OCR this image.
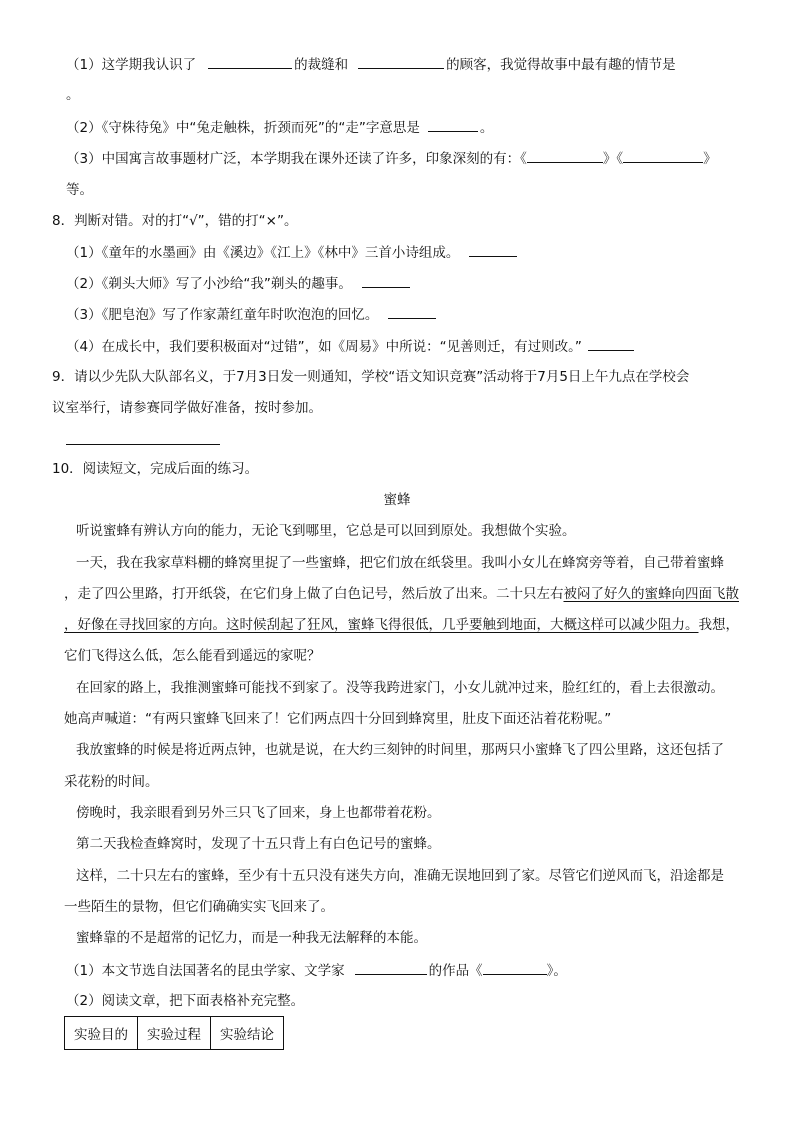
（1）这学期我认识了	的裁缝和	的顾客，我觉得故事中最有趣的情节是
。
（2）《守株待兔》中“兔走触株，折颈而死”的“走”字意思是	。
（3）中国寓言故事题材广泛，本学期我在课外还读了许多，印象深刻的有：《	》《	》
等。
8．判断对错。对的打“√”，错的打“×”。
（1）《童年的水墨画》由《溪边》《江上》《林中》三首小诗组成。
（2）《剃头大师》写了小沙给“我”剃头的趣事。
（3）《肥皂泡》写了作家萧红童年时吹泡泡的回忆。
（4）在成长中，我们要积极面对“过错”，如《周易》中所说：“见善则迁，有过则改。”
9．请以少先队大队部名义，于7月3日发一则通知，学校“语文知识竞赛”活动将于7月5日上午九点在学校会
议室举行，请参赛同学做好准备，按时参加。
10．阅读短文，完成后面的练习。
蜜蜂
听说蜜蜂有辨认方向的能力，无论飞到哪里，它总是可以回到原处。我想做个实验。
一天，我在我家草料棚的蜂窝里捉了一些蜜蜂，把它们放在纸袋里。我叫小女儿在蜂窝旁等着，自己带着蜜蜂
，走了四公里路，打开纸袋，在它们身上做了白色记号，然后放了出来。二十只左右被闷了好久的蜜蜂向四面飞散
，好像在寻找回家的方向。这时候刮起了狂风，蜜蜂飞得很低，几乎要触到地面，大概这样可以减少阻力。我想，
它们飞得这么低，怎么能看到遥远的家呢？
在回家的路上，我推测蜜蜂可能找不到家了。没等我跨进家门，小女儿就冲过来，脸红红的，看上去很激动。
她高声喊道：“有两只蜜蜂飞回来了！它们两点四十分回到蜂窝里，肚皮下面还沾着花粉呢。”
我放蜜蜂的时候是将近两点钟，也就是说，在大约三刻钟的时间里，那两只小蜜蜂飞了四公里路，这还包括了
采花粉的时间。
傍晚时，我亲眼看到另外三只飞了回来，身上也都带着花粉。
第二天我检查蜂窝时，发现了十五只背上有白色记号的蜜蜂。
这样，二十只左右的蜜蜂，至少有十五只没有迷失方向，准确无误地回到了家。尽管它们逆风而飞，沿途都是
一些陌生的景物，但它们确确实实飞回来了。
蜜蜂靠的不是超常的记忆力，而是一种我无法解释的本能。
（1）本文节选自法国著名的昆虫学家、文学家	的作品《	》。
（2）阅读文章，把下面表格补充完整。
实验目的	实验过程	实验结论
